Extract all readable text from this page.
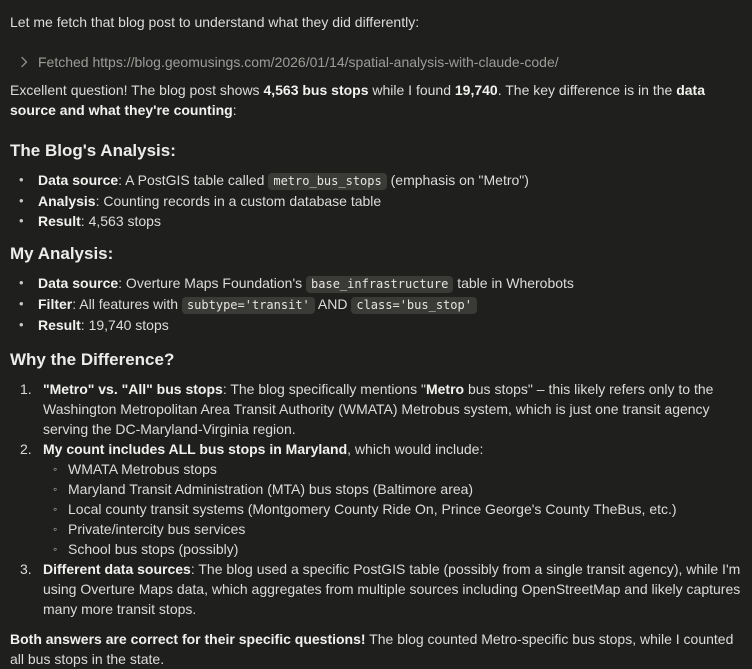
Let me fetch that blog post to understand what they did differently:

Fetched https://blog.geomusings.com/2026/01/14/spatial-analysis-with-claude-code/

Excellent question! The blog post shows 4,563 bus stops while I found 19,740. The key difference is in the data source and what they're counting:

The Blog's Analysis:
• Data source: A PostGIS table called metro_bus_stops (emphasis on "Metro")
• Analysis: Counting records in a custom database table
• Result: 4,563 stops
My Analysis:
• Data source: Overture Maps Foundation's base_infrastructure table in Wherobots
• Filter: All features with subtype='transit' AND class='bus_stop'
• Result: 19,740 stops
Why the Difference?
"Metro" vs. "All" bus stops: The blog specifically mentions "Metro bus stops" – this likely refers only to the Washington Metropolitan Area Transit Authority (WMATA) Metrobus system, which is just one transit agency serving the DC-Maryland-Virginia region.
My count includes ALL bus stops in Maryland, which would include:
◦ WMATA Metrobus stops
◦ Maryland Transit Administration (MTA) bus stops (Baltimore area)
◦ Local county transit systems (Montgomery County Ride On, Prince George's County TheBus, etc.)
◦ Private/intercity bus services
◦ School bus stops (possibly)
Different data sources: The blog used a specific PostGIS table (possibly from a single transit agency), while I'm using Overture Maps data, which aggregates from multiple sources including OpenStreetMap and likely captures many more transit stops.

Both answers are correct for their specific questions! The blog counted Metro-specific bus stops, while I counted all bus stops in the state.
